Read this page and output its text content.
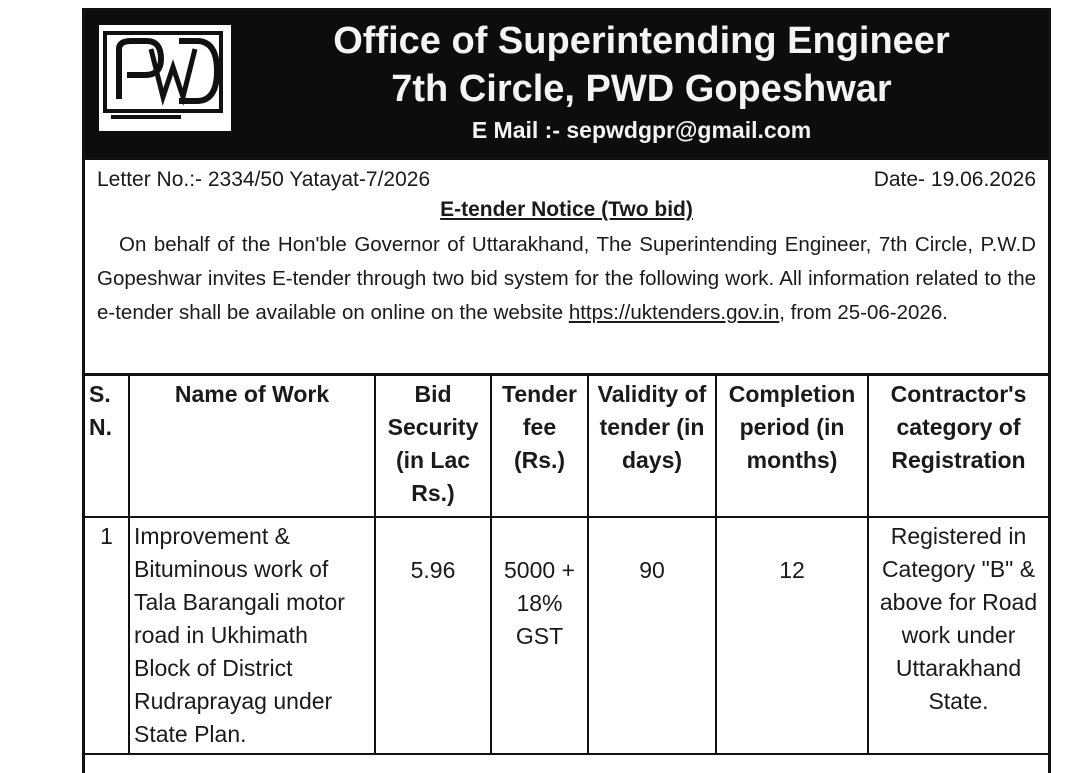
Office of Superintending Engineer
7th Circle, PWD Gopeshwar
E Mail :- sepwdgpr@gmail.com
Letter No.:- 2334/50 Yatayat-7/2026	Date- 19.06.2026
E-tender Notice (Two bid)
On behalf of the Hon'ble Governor of Uttarakhand, The Superintending Engineer, 7th Circle, P.W.D Gopeshwar invites E-tender through two bid system for the following work. All information related to the e-tender shall be available on online on the website https://uktenders.gov.in, from 25-06-2026.
S. N.	Name of Work	Bid Security (in Lac Rs.)	Tender fee (Rs.)	Validity of tender (in days)	Completion period (in months)	Contractor's category of Registration
1	Improvement & Bituminous work of Tala Barangali motor road in Ukhimath Block of District Rudraprayag under State Plan.	5.96	5000 + 18% GST	90	12	Registered in Category "B" & above for Road work under Uttarakhand State.
